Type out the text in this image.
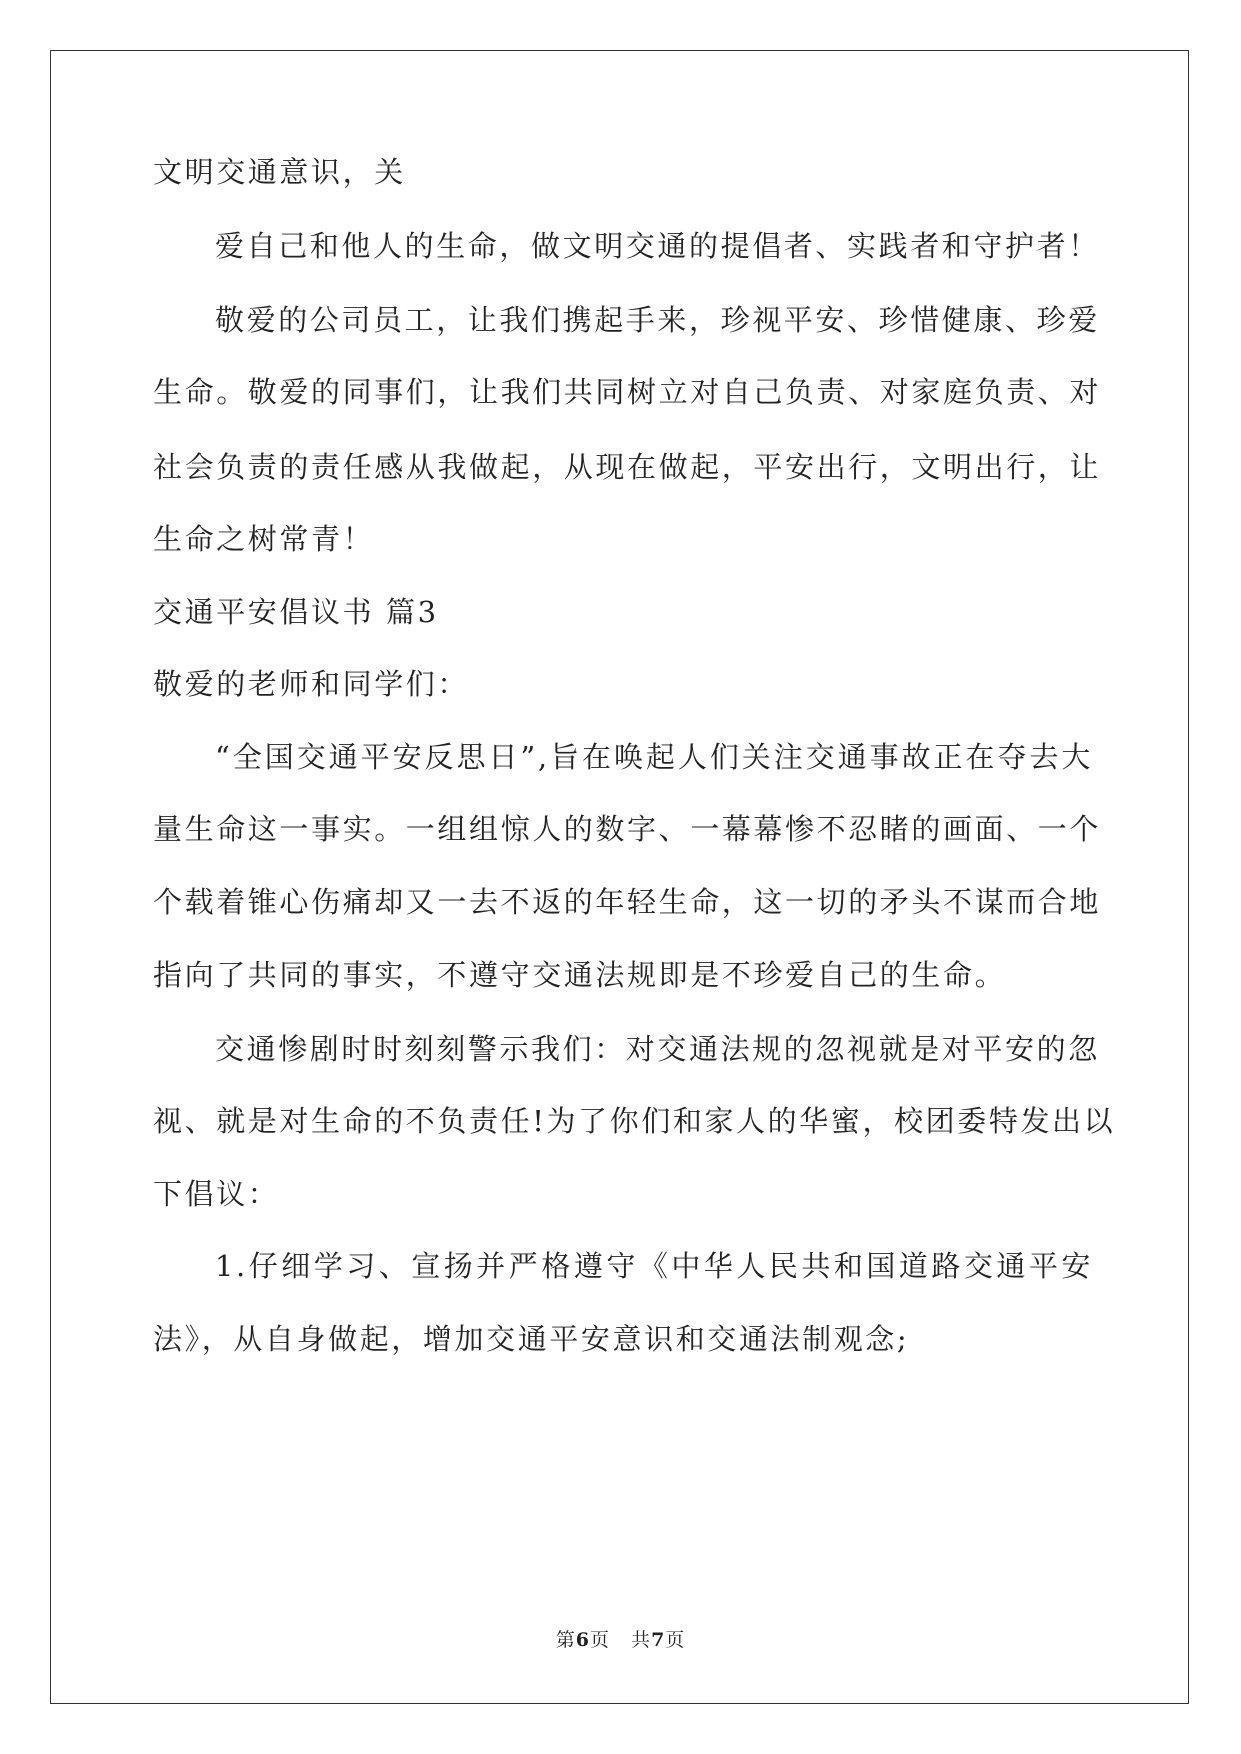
文明交通意识，关
爱自己和他人的生命，做文明交通的提倡者、实践者和守护者！
敬爱的公司员工，让我们携起手来，珍视平安、珍惜健康、珍爱
生命。敬爱的同事们，让我们共同树立对自己负责、对家庭负责、对
社会负责的责任感从我做起，从现在做起，平安出行，文明出行，让
生命之树常青！
交通平安倡议书 篇3
敬爱的老师和同学们：
“全国交通平安反思日”,旨在唤起人们关注交通事故正在夺去大
量生命这一事实。一组组惊人的数字、一幕幕惨不忍睹的画面、一个
个载着锥心伤痛却又一去不返的年轻生命，这一切的矛头不谋而合地
指向了共同的事实，不遵守交通法规即是不珍爱自己的生命。
交通惨剧时时刻刻警示我们：对交通法规的忽视就是对平安的忽
视、就是对生命的不负责任!为了你们和家人的华蜜，校团委特发出以
下倡议：
1.仔细学习、宣扬并严格遵守《中华人民共和国道路交通平安
法》，从自身做起，增加交通平安意识和交通法制观念;
第6页   共7页
